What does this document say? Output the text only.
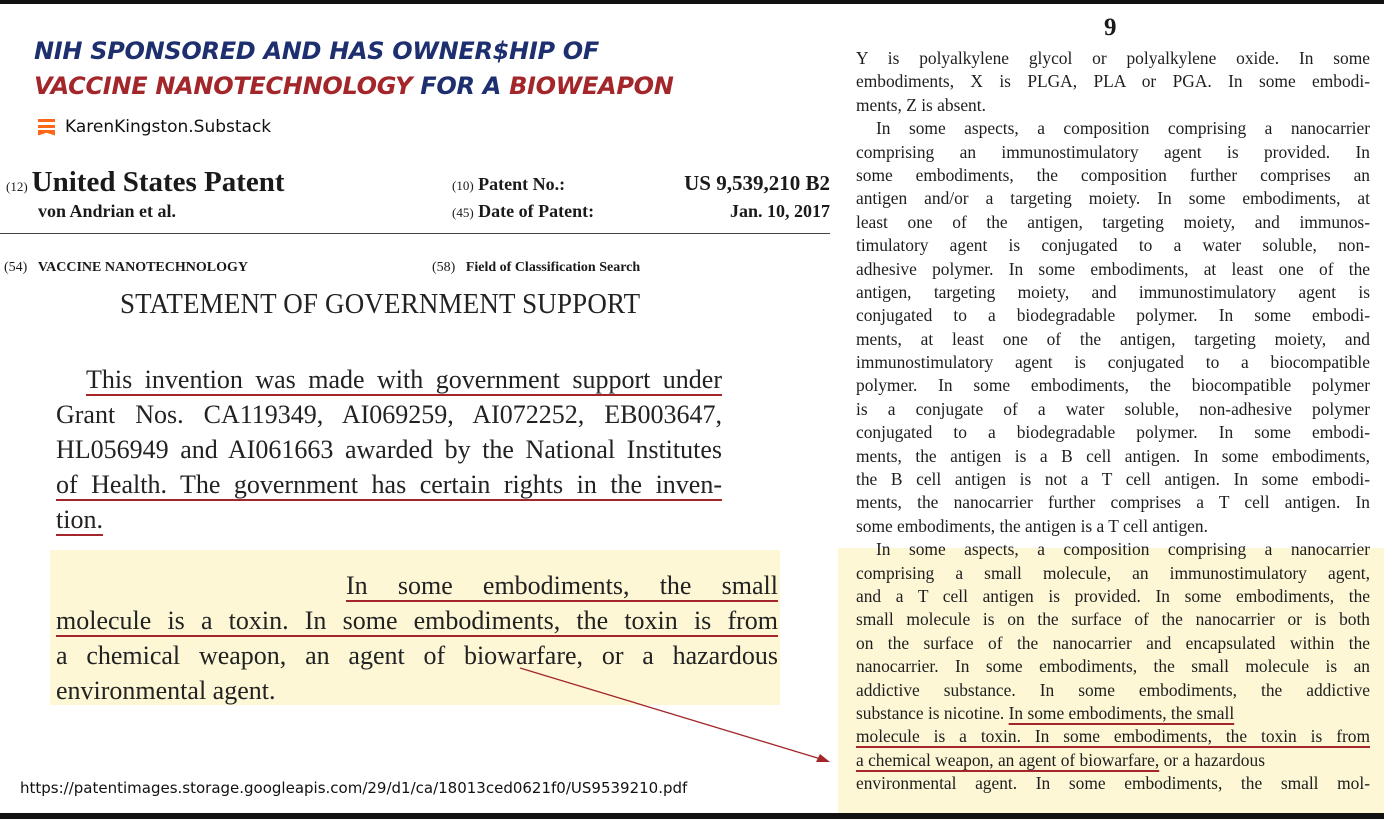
NIH SPONSORED AND HAS OWNER$HIP OF
VACCINE NANOTECHNOLOGY FOR A BIOWEAPON
KarenKingston.Substack
(12) United States Patent
von Andrian et al.
(10) Patent No.:	US 9,539,210 B2
(45) Date of Patent:	Jan. 10, 2017
(54) VACCINE NANOTECHNOLOGY	(58) Field of Classification Search
STATEMENT OF GOVERNMENT SUPPORT
This invention was made with government support under
Grant Nos. CA119349, AI069259, AI072252, EB003647,
HL056949 and AI061663 awarded by the National Institutes
of Health. The government has certain rights in the inven-
tion.
In some embodiments, the small
molecule is a toxin. In some embodiments, the toxin is from
a chemical weapon, an agent of biowarfare, or a hazardous
environmental agent.
https://patentimages.storage.googleapis.com/29/d1/ca/18013ced0621f0/US9539210.pdf
9
Y is polyalkylene glycol or polyalkylene oxide. In some
embodiments, X is PLGA, PLA or PGA. In some embodi-
ments, Z is absent.
In some aspects, a composition comprising a nanocarrier
comprising an immunostimulatory agent is provided. In
some embodiments, the composition further comprises an
antigen and/or a targeting moiety. In some embodiments, at
least one of the antigen, targeting moiety, and immunos-
timulatory agent is conjugated to a water soluble, non-
adhesive polymer. In some embodiments, at least one of the
antigen, targeting moiety, and immunostimulatory agent is
conjugated to a biodegradable polymer. In some embodi-
ments, at least one of the antigen, targeting moiety, and
immunostimulatory agent is conjugated to a biocompatible
polymer. In some embodiments, the biocompatible polymer
is a conjugate of a water soluble, non-adhesive polymer
conjugated to a biodegradable polymer. In some embodi-
ments, the antigen is a B cell antigen. In some embodiments,
the B cell antigen is not a T cell antigen. In some embodi-
ments, the nanocarrier further comprises a T cell antigen. In
some embodiments, the antigen is a T cell antigen.
In some aspects, a composition comprising a nanocarrier
comprising a small molecule, an immunostimulatory agent,
and a T cell antigen is provided. In some embodiments, the
small molecule is on the surface of the nanocarrier or is both
on the surface of the nanocarrier and encapsulated within the
nanocarrier. In some embodiments, the small molecule is an
addictive substance. In some embodiments, the addictive
substance is nicotine. In some embodiments, the small
molecule is a toxin. In some embodiments, the toxin is from
a chemical weapon, an agent of biowarfare, or a hazardous
environmental agent. In some embodiments, the small mol-
